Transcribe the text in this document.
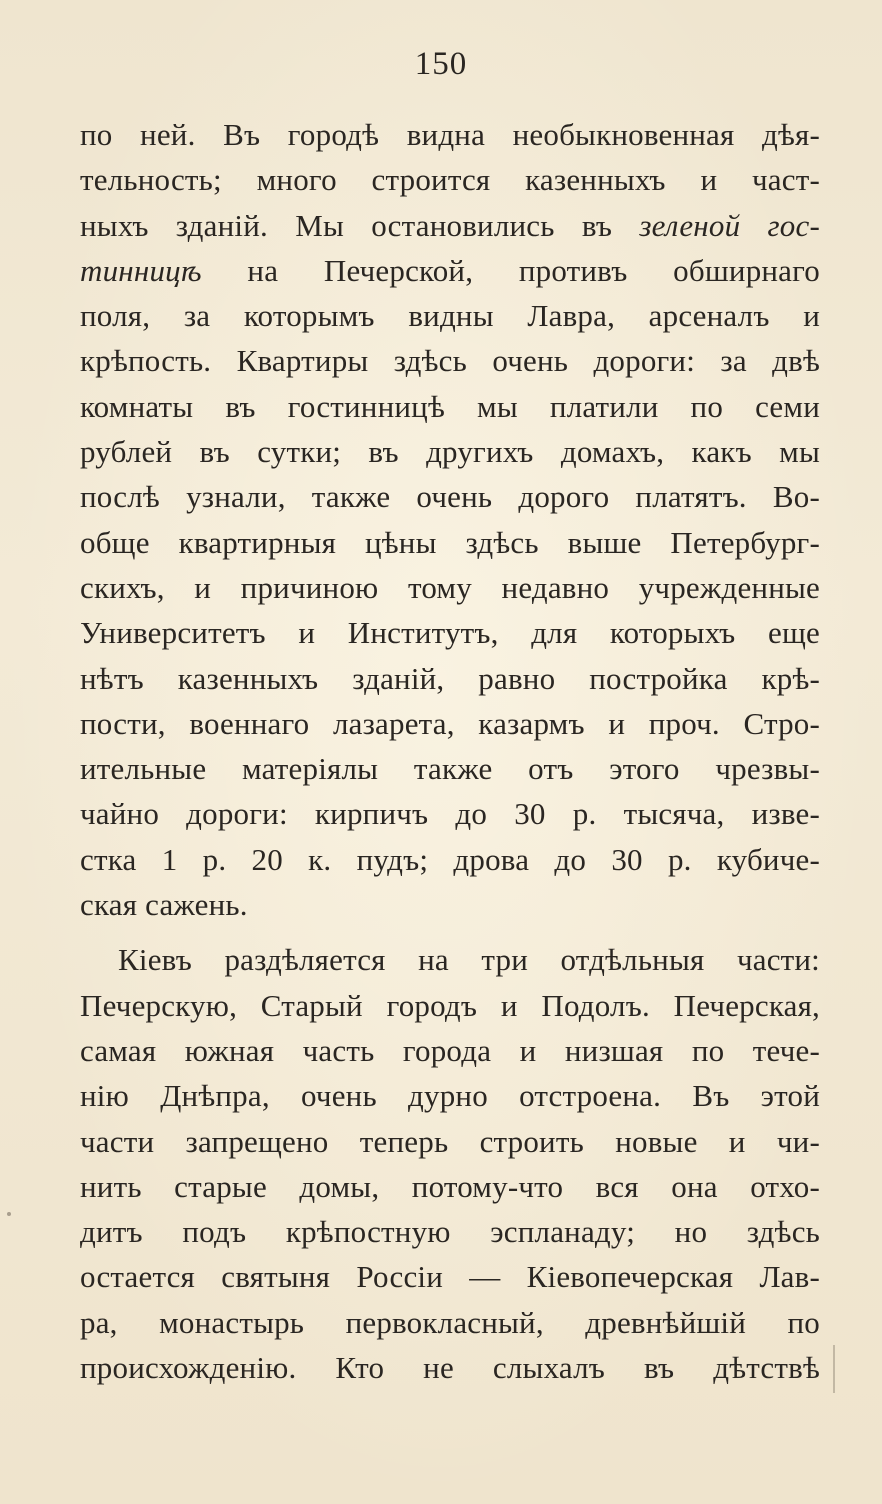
150
по ней. Въ городѣ видна необыкновенная дѣя-
тельность; много строится казенныхъ и част-
ныхъ зданій. Мы остановились въ зеленой гос-
тинницѣ на Печерской, противъ обширнаго
поля, за которымъ видны Лавра, арсеналъ и
крѣпость. Квартиры здѣсь очень дороги: за двѣ
комнаты въ гостинницѣ мы платили по семи
рублей въ сутки; въ другихъ домахъ, какъ мы
послѣ узнали, также очень дорого платятъ. Во-
обще квартирныя цѣны здѣсь выше Петербург-
скихъ, и причиною тому недавно учрежденные
Университетъ и Институтъ, для которыхъ еще
нѣтъ казенныхъ зданій, равно постройка крѣ-
пости, военнаго лазарета, казармъ и проч. Стро-
ительные матеріялы также отъ этого чрезвы-
чайно дороги: кирпичъ до 30 р. тысяча, изве-
стка 1 р. 20 к. пудъ; дрова до 30 р. кубиче-
ская сажень.
Кіевъ раздѣляется на три отдѣльныя части:
Печерскую, Старый городъ и Подолъ. Печерская,
самая южная часть города и низшая по тече-
нію Днѣпра, очень дурно отстроена. Въ этой
части запрещено теперь строить новые и чи-
нить старые домы, потому-что вся она отхо-
дитъ подъ крѣпостную эспланаду; но здѣсь
остается святыня Россіи — Кіевопечерская Лав-
ра, монастырь первокласный, древнѣйшій по
происхожденію. Кто не слыхалъ въ дѣтствѣ
